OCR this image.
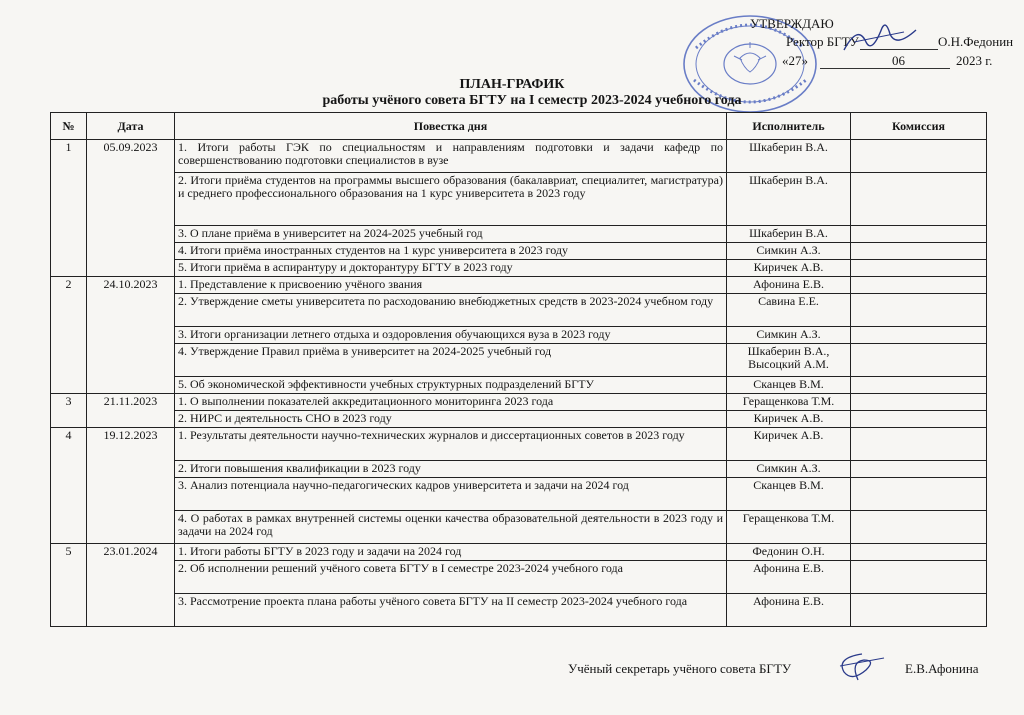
УТВЕРЖДАЮ
Ректор БГТУ	О.Н.Федонин
«27»	06	2023 г.
ПЛАН-ГРАФИК
работы учёного совета БГТУ на I семестр 2023-2024 учебного года
№	Дата	Повестка дня	Исполнитель	Комиссия
1	05.09.2023	1. Итоги работы ГЭК по специальностям и направлениям подготовки и задачи кафедр по совершенствованию подготовки специалистов в вузе	Шкаберин В.А.	
		2. Итоги приёма студентов на программы высшего образования (бакалавриат, специалитет, магистратура) и среднего профессионального образования на 1 курс университета в 2023 году	Шкаберин В.А.	
		3. О плане приёма в университет на 2024-2025 учебный год	Шкаберин В.А.	
		4. Итоги приёма иностранных студентов на 1 курс университета в 2023 году	Симкин А.З.	
		5. Итоги приёма в аспирантуру и докторантуру БГТУ в 2023 году	Киричек А.В.	
2	24.10.2023	1. Представление к присвоению учёного звания	Афонина Е.В.	
		2. Утверждение сметы университета по расходованию внебюджетных средств в 2023-2024 учебном году	Савина Е.Е.	
		3. Итоги организации летнего отдыха и оздоровления обучающихся вуза в 2023 году	Симкин А.З.	
		4. Утверждение Правил приёма в университет на 2024-2025 учебный год	Шкаберин В.А., Высоцкий А.М.	
		5. Об экономической эффективности учебных структурных подразделений БГТУ	Сканцев В.М.	
3	21.11.2023	1. О выполнении показателей аккредитационного мониторинга 2023 года	Геращенкова Т.М.	
		2. НИРС и деятельность СНО в 2023 году	Киричек А.В.	
4	19.12.2023	1. Результаты деятельности научно-технических журналов и диссертационных советов в 2023 году	Киричек А.В.	
		2. Итоги повышения квалификации в 2023 году	Симкин А.З.	
		3. Анализ потенциала научно-педагогических кадров университета и задачи на 2024 год	Сканцев В.М.	
		4. О работах в рамках внутренней системы оценки качества образовательной деятельности в 2023 году и задачи на 2024 год	Геращенкова Т.М.	
5	23.01.2024	1. Итоги работы БГТУ в 2023 году и задачи на 2024 год	Федонин О.Н.	
		2. Об исполнении решений учёного совета БГТУ в I семестре 2023-2024 учебного года	Афонина Е.В.	
		3. Рассмотрение проекта плана работы учёного совета БГТУ на II семестр 2023-2024 учебного года	Афонина Е.В.	
Учёный секретарь учёного совета БГТУ	Е.В.Афонина
